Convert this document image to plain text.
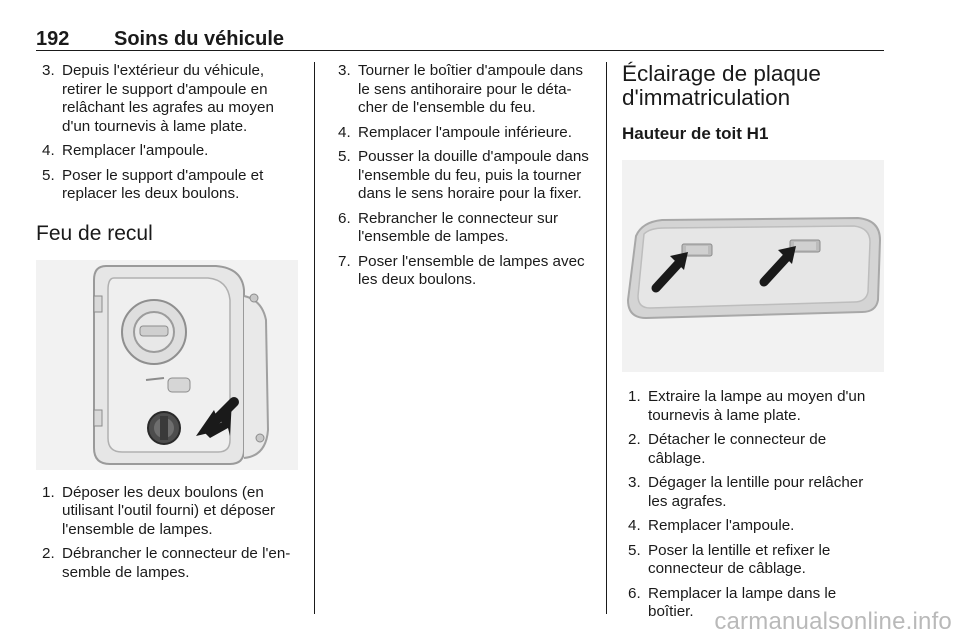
192 Soins du véhicule
3. Depuis l'extérieur du véhicule, retirer le support d'ampoule en relâchant les agrafes au moyen d'un tournevis à lame plate.
4. Remplacer l'ampoule.
5. Poser le support d'ampoule et replacer les deux boulons.
Feu de recul
1. Déposer les deux boulons (en utilisant l'outil fourni) et déposer l'ensemble de lampes.
2. Débrancher le connecteur de l'en-semble de lampes.
3. Tourner le boîtier d'ampoule dans le sens antihoraire pour le déta-cher de l'ensemble du feu.
4. Remplacer l'ampoule inférieure.
5. Pousser la douille d'ampoule dans l'ensemble du feu, puis la tourner dans le sens horaire pour la fixer.
6. Rebrancher le connecteur sur l'ensemble de lampes.
7. Poser l'ensemble de lampes avec les deux boulons.
Éclairage de plaque d'immatriculation
Hauteur de toit H1
1. Extraire la lampe au moyen d'un tournevis à lame plate.
2. Détacher le connecteur de câblage.
3. Dégager la lentille pour relâcher les agrafes.
4. Remplacer l'ampoule.
5. Poser la lentille et refixer le connecteur de câblage.
6. Remplacer la lampe dans le boîtier. carmanualsonline.info
